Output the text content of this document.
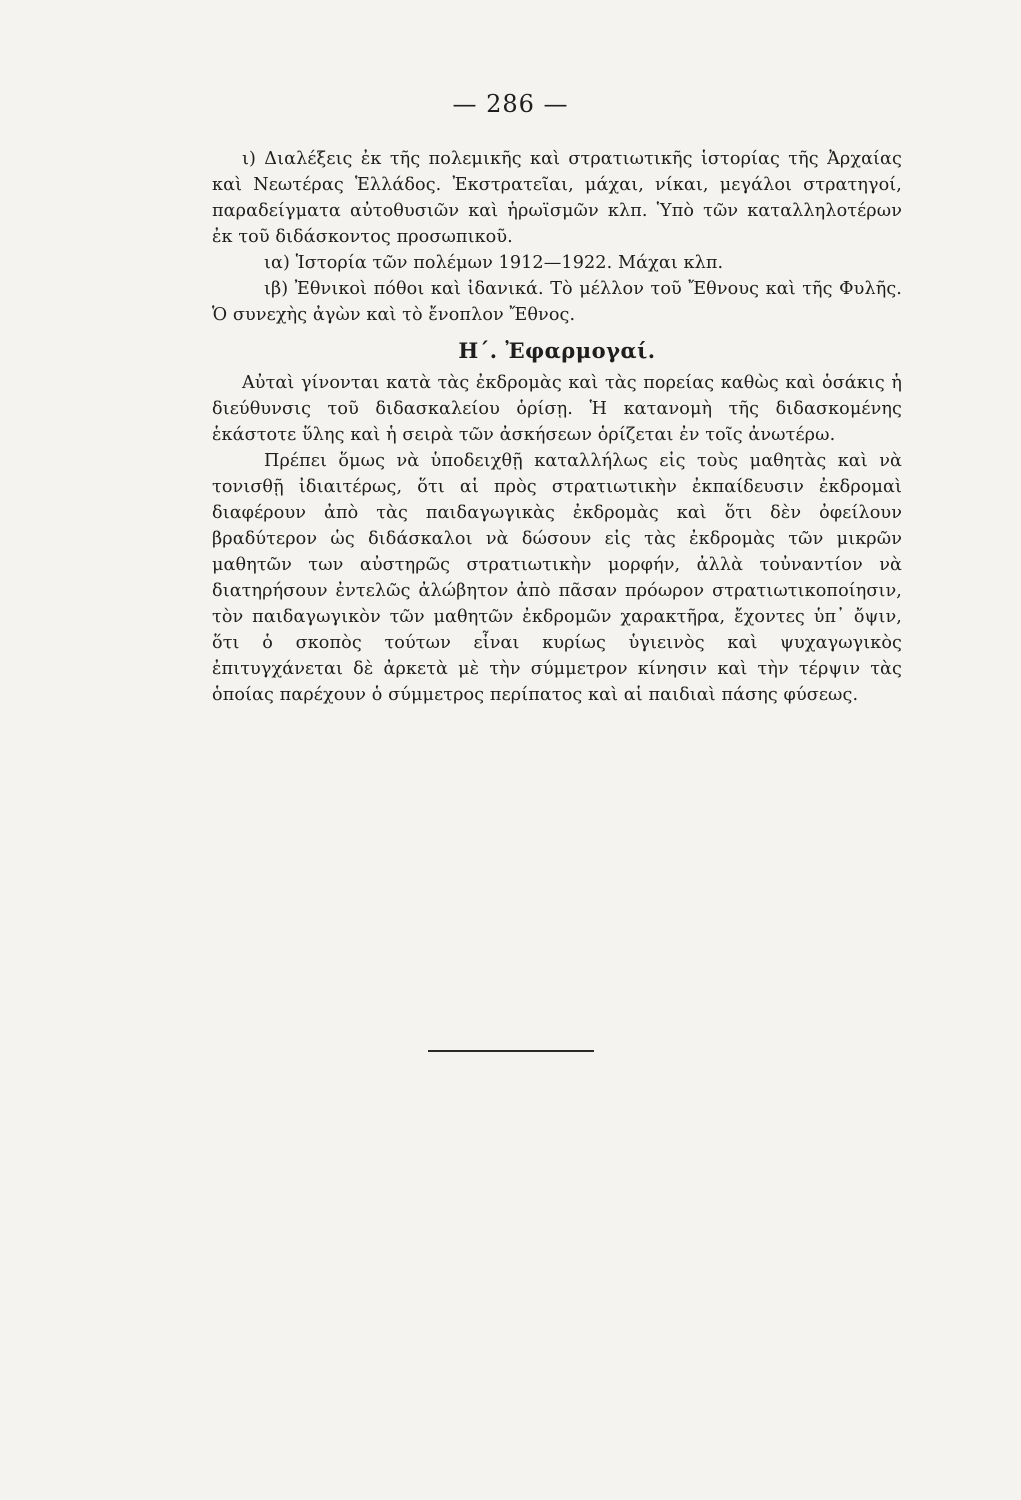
— 286 —

ι) Διαλέξεις ἐκ τῆς πολεμικῆς καὶ στρατιωτικῆς ἱστορίας τῆς Ἀρχαίας καὶ Νεωτέρας Ἑλλάδος. Ἐκστρατεῖαι, μάχαι, νίκαι, μεγάλοι στρατηγοί, παραδείγματα αὐτοθυσιῶν καὶ ἡρωϊσμῶν κλπ. Ὑπὸ τῶν καταλληλοτέρων ἐκ τοῦ διδάσκοντος προσωπικοῦ.

ια) Ἱστορία τῶν πολέμων 1912—1922. Μάχαι κλπ.

ιβ) Ἐθνικοὶ πόθοι καὶ ἰδανικά. Τὸ μέλλον τοῦ Ἔθνους καὶ τῆς Φυλῆς. Ὁ συνεχὴς ἀγὼν καὶ τὸ ἔνοπλον Ἔθνος.

Η΄. Ἐφαρμογαί.

Αὐταὶ γίνονται κατὰ τὰς ἐκδρομὰς καὶ τὰς πορείας καθὼς καὶ ὁσάκις ἡ διεύθυνσις τοῦ διδασκαλείου ὁρίσῃ. Ἡ κατανομὴ τῆς διδασκομένης ἑκάστοτε ὕλης καὶ ἡ σειρὰ τῶν ἀσκήσεων ὁρίζεται ἐν τοῖς ἀνωτέρω.

Πρέπει ὅμως νὰ ὑποδειχθῇ καταλλήλως εἰς τοὺς μαθητὰς καὶ νὰ τονισθῇ ἰδιαιτέρως, ὅτι αἱ πρὸς στρατιωτικὴν ἐκπαίδευσιν ἐκδρομαὶ διαφέρουν ἀπὸ τὰς παιδαγωγικὰς ἐκδρομὰς καὶ ὅτι δὲν ὀφείλουν βραδύτερον ὡς διδάσκαλοι νὰ δώσουν εἰς τὰς ἐκδρομὰς τῶν μικρῶν μαθητῶν των αὐστηρῶς στρατιωτικὴν μορφήν, ἀλλὰ τοὐναντίον νὰ διατηρήσουν ἐντελῶς ἀλώβητον ἀπὸ πᾶσαν πρόωρον στρατιωτικοποίησιν, τὸν παιδαγωγικὸν τῶν μαθητῶν ἐκδρομῶν χαρακτῆρα, ἔχοντες ὑπ᾿ ὄψιν, ὅτι ὁ σκοπὸς τούτων εἶναι κυρίως ὑγιεινὸς καὶ ψυχαγωγικὸς ἐπιτυγχάνεται δὲ ἀρκετὰ μὲ τὴν σύμμετρον κίνησιν καὶ τὴν τέρψιν τὰς ὁποίας παρέχουν ὁ σύμμετρος περίπατος καὶ αἱ παιδιαὶ πάσης φύσεως.
